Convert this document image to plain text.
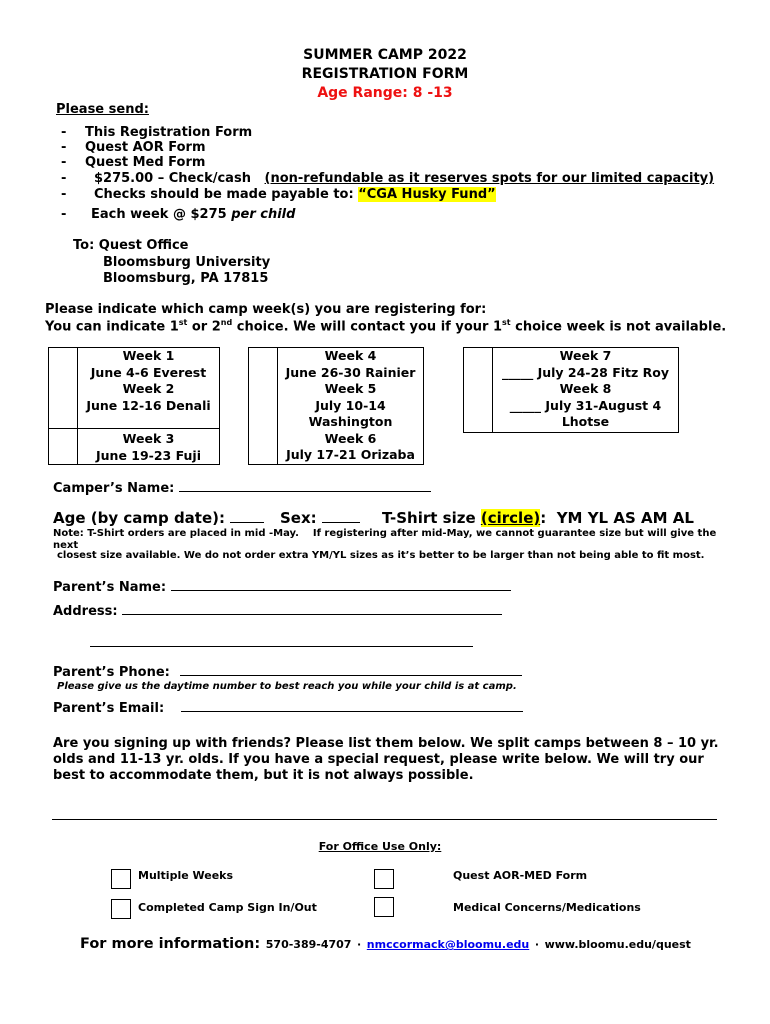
SUMMER CAMP 2022
REGISTRATION FORM
Age Range: 8 -13
Please send:
- This Registration Form
- Quest AOR Form
- Quest Med Form
- $275.00 – Check/cash (non-refundable as it reserves spots for our limited capacity)
- Checks should be made payable to: “CGA Husky Fund”
- Each week @ $275 per child
To: Quest Office
Bloomsburg University
Bloomsburg, PA 17815
Please indicate which camp week(s) you are registering for:
You can indicate 1st or 2nd choice. We will contact you if your 1st choice week is not available.

	Week 1
June 4-6 Everest
Week 2
June 12-16 Denali

	Week 3
June 19-23 Fuji

Week 4
June 26-30 Rainier
Week 5
July 10-14
Washington
Week 6
July 17-21 Orizaba

Week 7
_____ July 24-28 Fitz Roy
Week 8
_____ July 31-August 4
Lhotse
Camper’s Name:
Age (by camp date):	Sex:	T-Shirt size (circle): YM YL AS AM AL
Note: T-Shirt orders are placed in mid -May. If registering after mid-May, we cannot guarantee size but will give the
next
closest size available. We do not order extra YM/YL sizes as it’s better to be larger than not being able to fit most.
Parent’s Name:
Address:
Parent’s Phone:
Please give us the daytime number to best reach you while your child is at camp.
Parent’s Email:
Are you signing up with friends? Please list them below. We split camps between 8 – 10 yr.
olds and 11-13 yr. olds. If you have a special request, please write below. We will try our
best to accommodate them, but it is not always possible.
For Office Use Only:
Multiple Weeks	Quest AOR-MED Form
Completed Camp Sign In/Out	Medical Concerns/Medications
For more information: 570-389-4707 · nmccormack@bloomu.edu · www.bloomu.edu/quest
